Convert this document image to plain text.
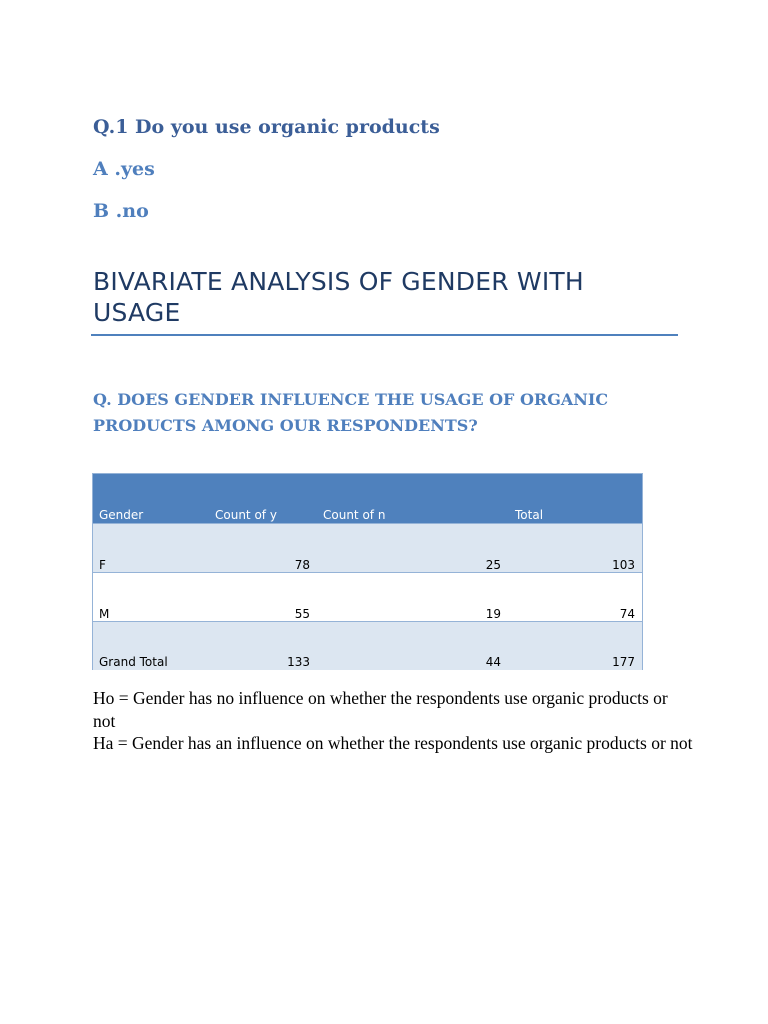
Q.1 Do you use organic products
A .yes
B .no
BIVARIATE ANALYSIS OF GENDER WITH USAGE
Q. DOES GENDER INFLUENCE THE USAGE OF ORGANIC PRODUCTS AMONG OUR RESPONDENTS?
Gender	Count of y	Count of n	Total
F	78	25	103
M	55	19	74
Grand Total	133	44	177

Ho = Gender has no influence on whether the respondents use organic products or not

Ha = Gender has an influence on whether the respondents use organic products or not
